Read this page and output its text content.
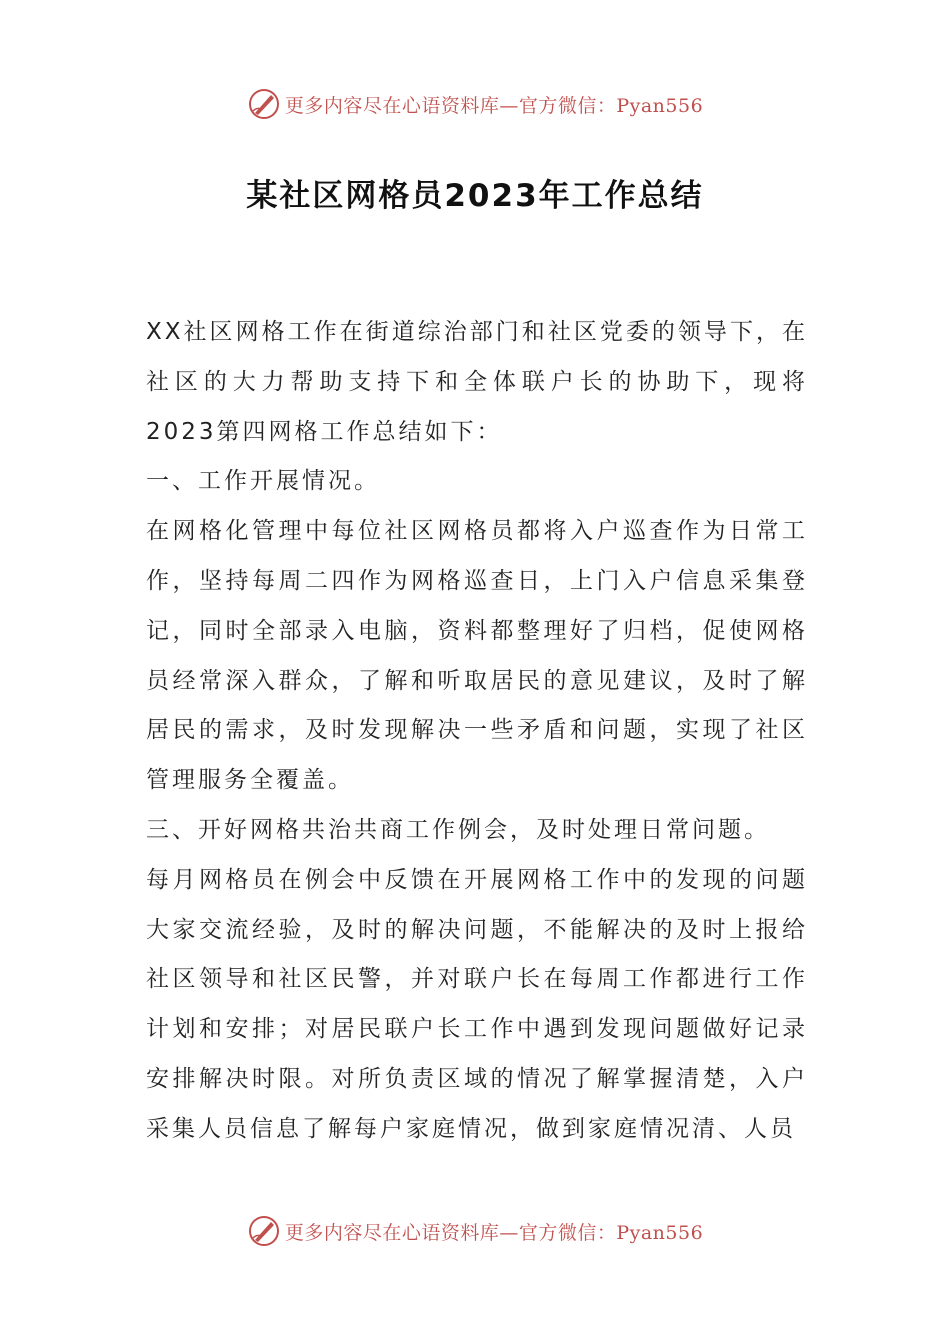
更多内容尽在心语资料库—官方微信：Pyan556
某社区网格员2023年工作总结

XX社区网格工作在街道综治部门和社区党委的领导下，在社区的大力帮助支持下和全体联户长的协助下，现将2023第四网格工作总结如下：

一、工作开展情况。

在网格化管理中每位社区网格员都将入户巡查作为日常工作，坚持每周二四作为网格巡查日，上门入户信息采集登记，同时全部录入电脑，资料都整理好了归档，促使网格员经常深入群众，了解和听取居民的意见建议，及时了解居民的需求，及时发现解决一些矛盾和问题，实现了社区管理服务全覆盖。

三、开好网格共治共商工作例会，及时处理日常问题。

每月网格员在例会中反馈在开展网格工作中的发现的问题大家交流经验，及时的解决问题，不能解决的及时上报给社区领导和社区民警，并对联户长在每周工作都进行工作计划和安排；对居民联户长工作中遇到发现问题做好记录安排解决时限。对所负责区域的情况了解掌握清楚，入户采集人员信息了解每户家庭情况，做到家庭情况清、人员

更多内容尽在心语资料库—官方微信：Pyan556
